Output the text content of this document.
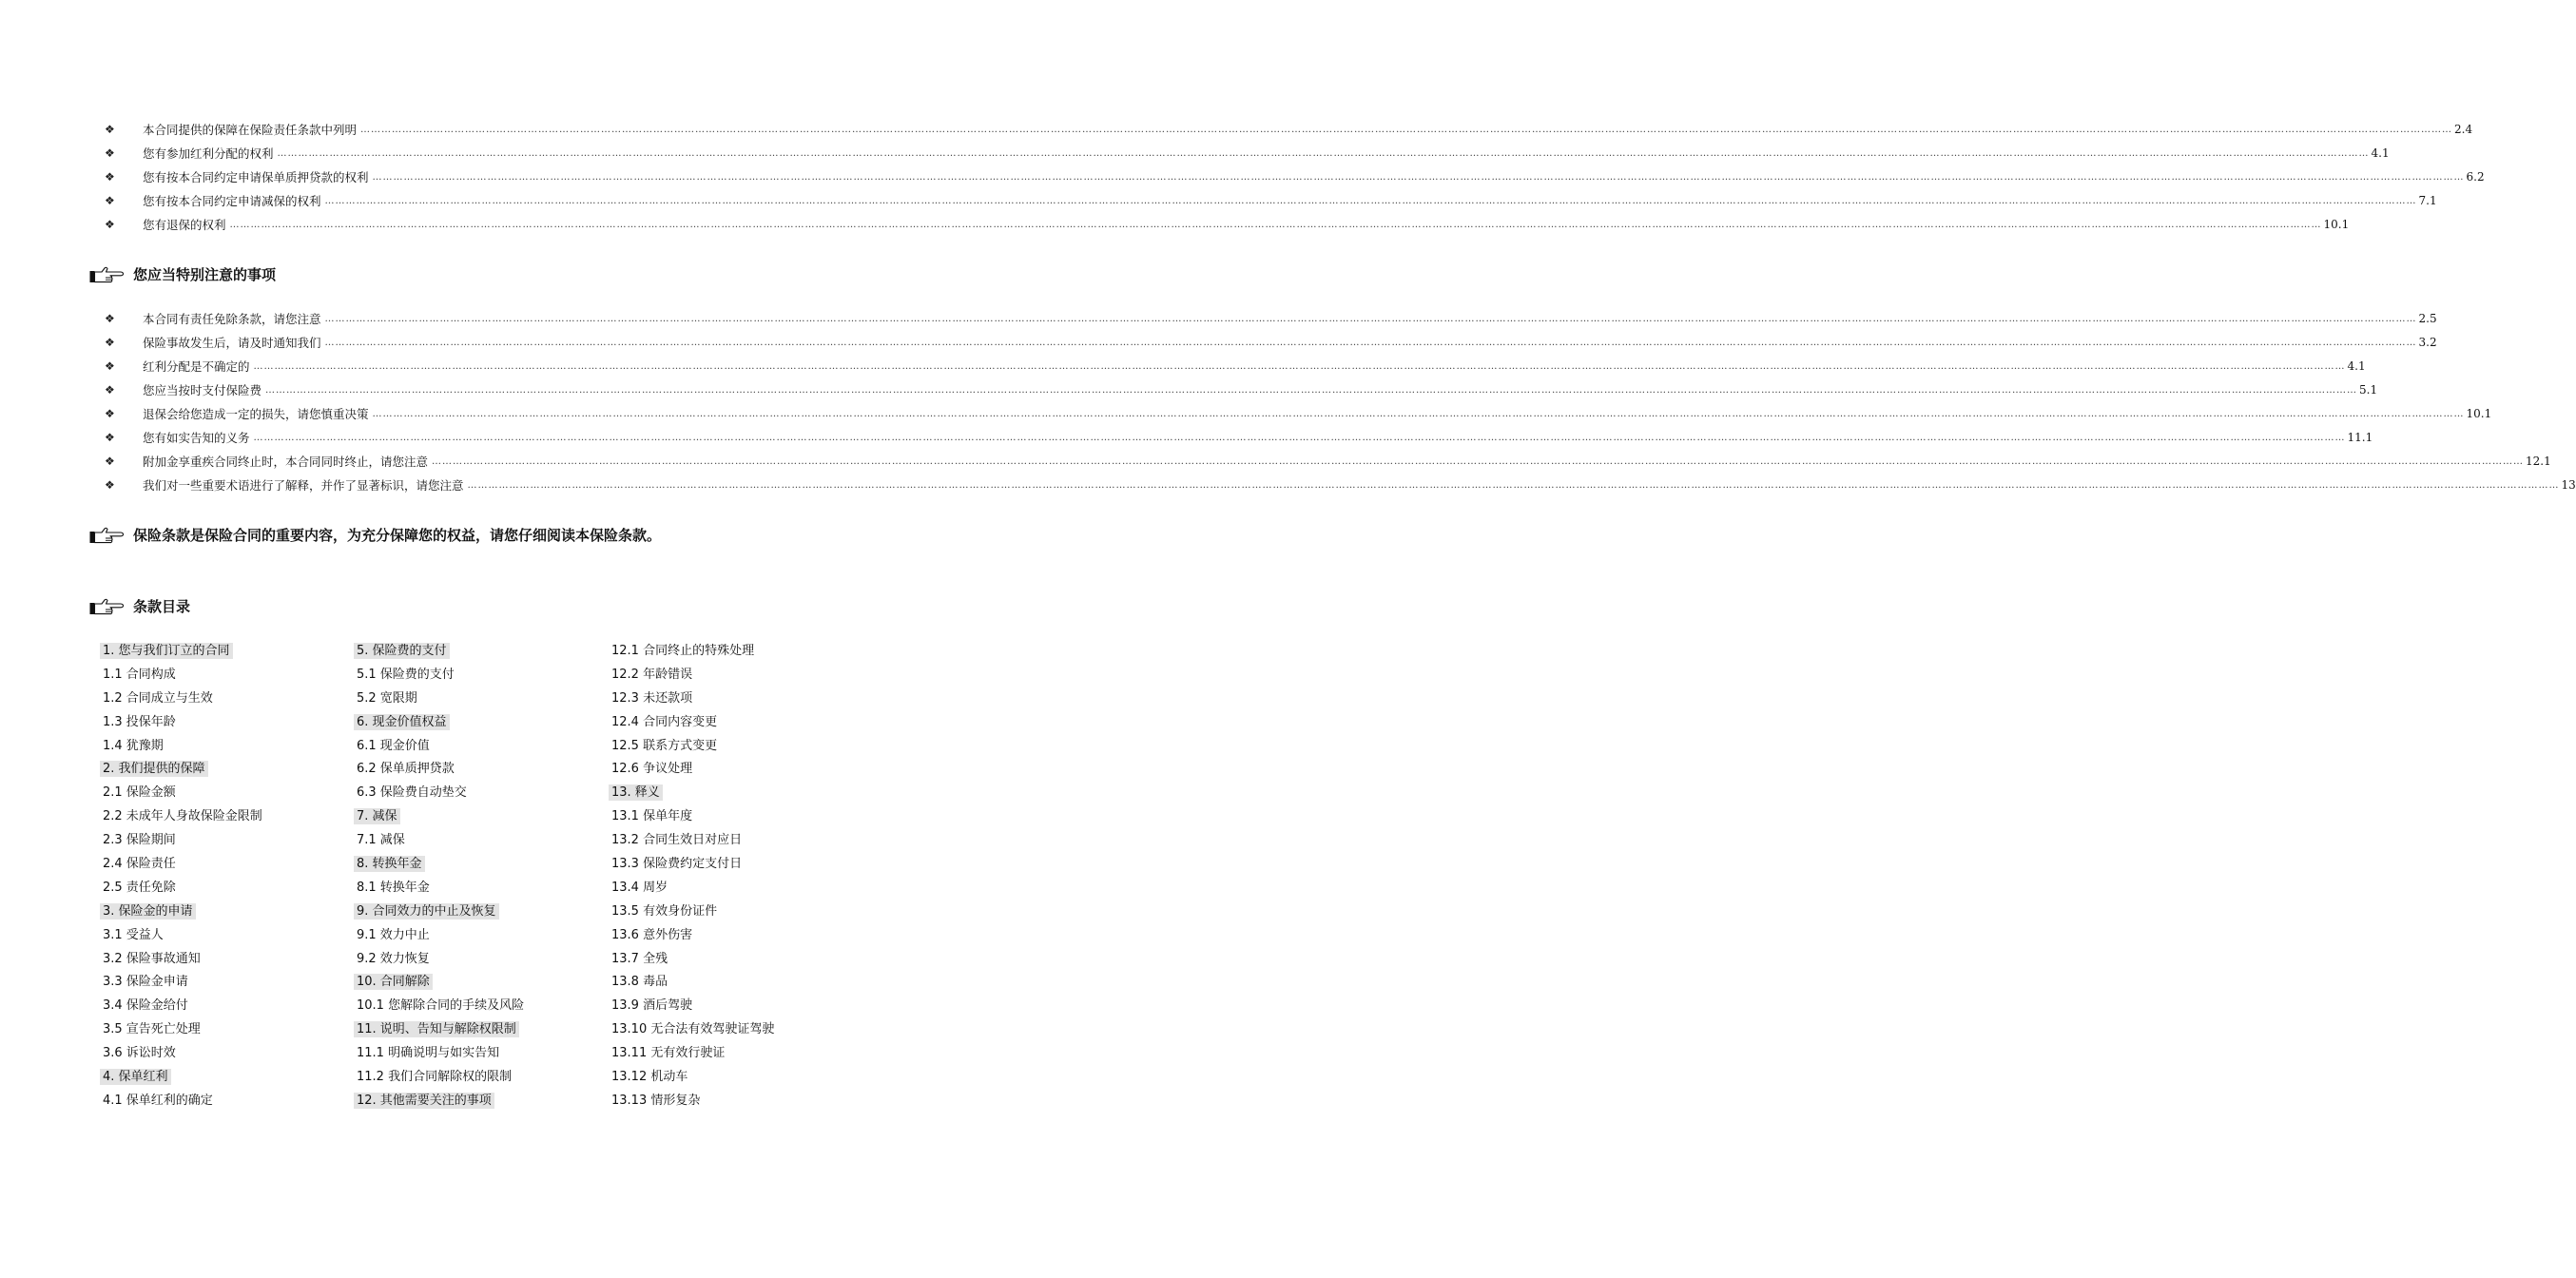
❖	本合同提供的保障在保险责任条款中列明 …………………………………………………………………………………………………………………………………………………………………………………………………………………………………………………………………………………………………………………………………………………………………………………………………………………………………………………………………………………………………………………………………………………… 2.4
❖	您有参加红利分配的权利 …………………………………………………………………………………………………………………………………………………………………………………………………………………………………………………………………………………………………………………………………………………………………………………………………………………………………………………………………………………………………………………………………………………… 4.1
❖	您有按本合同约定申请保单质押贷款的权利 …………………………………………………………………………………………………………………………………………………………………………………………………………………………………………………………………………………………………………………………………………………………………………………………………………………………………………………………………………………………………………………………………………………… 6.2
❖	您有按本合同约定申请减保的权利 …………………………………………………………………………………………………………………………………………………………………………………………………………………………………………………………………………………………………………………………………………………………………………………………………………………………………………………………………………………………………………………………………………………… 7.1
❖	您有退保的权利 …………………………………………………………………………………………………………………………………………………………………………………………………………………………………………………………………………………………………………………………………………………………………………………………………………………………………………………………………………………………………………………………………………………… 10.1
您应当特别注意的事项
❖	本合同有责任免除条款，请您注意 …………………………………………………………………………………………………………………………………………………………………………………………………………………………………………………………………………………………………………………………………………………………………………………………………………………………………………………………………………………………………………………………………………………… 2.5
❖	保险事故发生后，请及时通知我们 …………………………………………………………………………………………………………………………………………………………………………………………………………………………………………………………………………………………………………………………………………………………………………………………………………………………………………………………………………………………………………………………………………………… 3.2
❖	红利分配是不确定的 …………………………………………………………………………………………………………………………………………………………………………………………………………………………………………………………………………………………………………………………………………………………………………………………………………………………………………………………………………………………………………………………………………………… 4.1
❖	您应当按时支付保险费 …………………………………………………………………………………………………………………………………………………………………………………………………………………………………………………………………………………………………………………………………………………………………………………………………………………………………………………………………………………………………………………………………………………… 5.1
❖	退保会给您造成一定的损失，请您慎重决策 …………………………………………………………………………………………………………………………………………………………………………………………………………………………………………………………………………………………………………………………………………………………………………………………………………………………………………………………………………………………………………………………………………………… 10.1
❖	您有如实告知的义务 …………………………………………………………………………………………………………………………………………………………………………………………………………………………………………………………………………………………………………………………………………………………………………………………………………………………………………………………………………………………………………………………………………………… 11.1
❖	附加金享重疾合同终止时，本合同同时终止，请您注意 …………………………………………………………………………………………………………………………………………………………………………………………………………………………………………………………………………………………………………………………………………………………………………………………………………………………………………………………………………………………………………………………………………………… 12.1
❖	我们对一些重要术语进行了解释，并作了显著标识，请您注意 …………………………………………………………………………………………………………………………………………………………………………………………………………………………………………………………………………………………………………………………………………………………………………………………………………………………………………………………………………………………………………………………………………………… 13
保险条款是保险合同的重要内容，为充分保障您的权益，请您仔细阅读本保险条款。
条款目录
1. 您与我们订立的合同
1.1 合同构成
1.2 合同成立与生效
1.3 投保年龄
1.4 犹豫期
2. 我们提供的保障
2.1 保险金额
2.2 未成年人身故保险金限制
2.3 保险期间
2.4 保险责任
2.5 责任免除
3. 保险金的申请
3.1 受益人
3.2 保险事故通知
3.3 保险金申请
3.4 保险金给付
3.5 宣告死亡处理
3.6 诉讼时效
4. 保单红利
4.1 保单红利的确定
5. 保险费的支付
5.1 保险费的支付
5.2 宽限期
6. 现金价值权益
6.1 现金价值
6.2 保单质押贷款
6.3 保险费自动垫交
7. 减保
7.1 减保
8. 转换年金
8.1 转换年金
9. 合同效力的中止及恢复
9.1 效力中止
9.2 效力恢复
10. 合同解除
10.1 您解除合同的手续及风险
11. 说明、告知与解除权限制
11.1 明确说明与如实告知
11.2 我们合同解除权的限制
12. 其他需要关注的事项
12.1 合同终止的特殊处理
12.2 年龄错误
12.3 未还款项
12.4 合同内容变更
12.5 联系方式变更
12.6 争议处理
13. 释义
13.1 保单年度
13.2 合同生效日对应日
13.3 保险费约定支付日
13.4 周岁
13.5 有效身份证件
13.6 意外伤害
13.7 全残
13.8 毒品
13.9 酒后驾驶
13.10 无合法有效驾驶证驾驶
13.11 无有效行驶证
13.12 机动车
13.13 情形复杂
